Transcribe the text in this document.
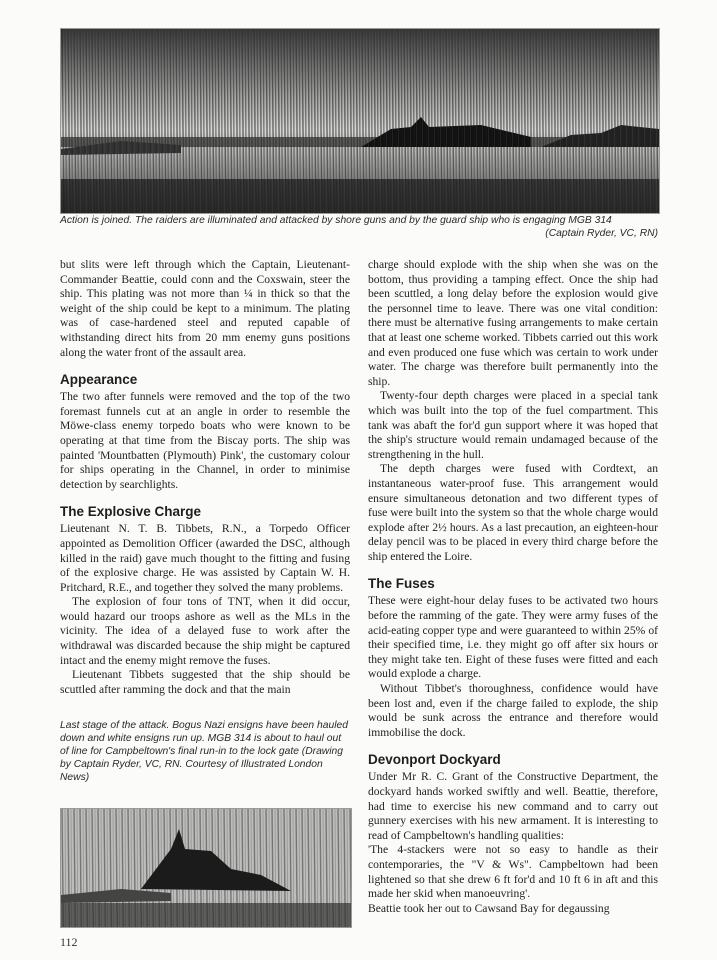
Action is joined. The raiders are illuminated and attacked by shore guns and by the guard ship who is engaging MGB 314
(Captain Ryder, VC, RN)

but slits were left through which the Captain, Lieutenant-Commander Beattie, could conn and the Coxswain, steer the ship. This plating was not more than ¼ in thick so that the weight of the ship could be kept to a minimum. The plating was of case-hardened steel and reputed capable of withstanding direct hits from 20 mm enemy guns positions along the water front of the assault area.

Appearance

The two after funnels were removed and the top of the two foremast funnels cut at an angle in order to resemble the Möwe-class enemy torpedo boats who were known to be operating at that time from the Biscay ports. The ship was painted 'Mountbatten (Plymouth) Pink', the customary colour for ships operating in the Channel, in order to minimise detection by searchlights.

The Explosive Charge

Lieutenant N. T. B. Tibbets, R.N., a Torpedo Officer appointed as Demolition Officer (awarded the DSC, although killed in the raid) gave much thought to the fitting and fusing of the explosive charge. He was assisted by Captain W. H. Pritchard, R.E., and together they solved the many problems.

The explosion of four tons of TNT, when it did occur, would hazard our troops ashore as well as the MLs in the vicinity. The idea of a delayed fuse to work after the withdrawal was discarded because the ship might be captured intact and the enemy might remove the fuses.

Lieutenant Tibbets suggested that the ship should be scuttled after ramming the dock and that the main

Last stage of the attack. Bogus Nazi ensigns have been hauled down and white ensigns run up. MGB 314 is about to haul out of line for Campbeltown's final run-in to the lock gate (Drawing by Captain Ryder, VC, RN. Courtesy of Illustrated London News)

charge should explode with the ship when she was on the bottom, thus providing a tamping effect. Once the ship had been scuttled, a long delay before the explosion would give the personnel time to leave. There was one vital condition: there must be alternative fusing arrangements to make certain that at least one scheme worked. Tibbets carried out this work and even produced one fuse which was certain to work under water. The charge was therefore built permanently into the ship.

Twenty-four depth charges were placed in a special tank which was built into the top of the fuel compartment. This tank was abaft the for'd gun support where it was hoped that the ship's structure would remain undamaged because of the strengthening in the hull.

The depth charges were fused with Cordtext, an instantaneous water-proof fuse. This arrangement would ensure simultaneous detonation and two different types of fuse were built into the system so that the whole charge would explode after 2½ hours. As a last precaution, an eighteen-hour delay pencil was to be placed in every third charge before the ship entered the Loire.

The Fuses

These were eight-hour delay fuses to be activated two hours before the ramming of the gate. They were army fuses of the acid-eating copper type and were guaranteed to within 25% of their specified time, i.e. they might go off after six hours or they might take ten. Eight of these fuses were fitted and each would explode a charge.

Without Tibbet's thoroughness, confidence would have been lost and, even if the charge failed to explode, the ship would be sunk across the entrance and therefore would immobilise the dock.

Devonport Dockyard

Under Mr R. C. Grant of the Constructive Department, the dockyard hands worked swiftly and well. Beattie, therefore, had time to exercise his new command and to carry out gunnery exercises with his new armament. It is interesting to read of Campbeltown's handling qualities:

'The 4-stackers were not so easy to handle as their contemporaries, the "V & Ws". Campbeltown had been lightened so that she drew 6 ft for'd and 10 ft 6 in aft and this made her skid when manoeuvring'.

Beattie took her out to Cawsand Bay for degaussing

112
